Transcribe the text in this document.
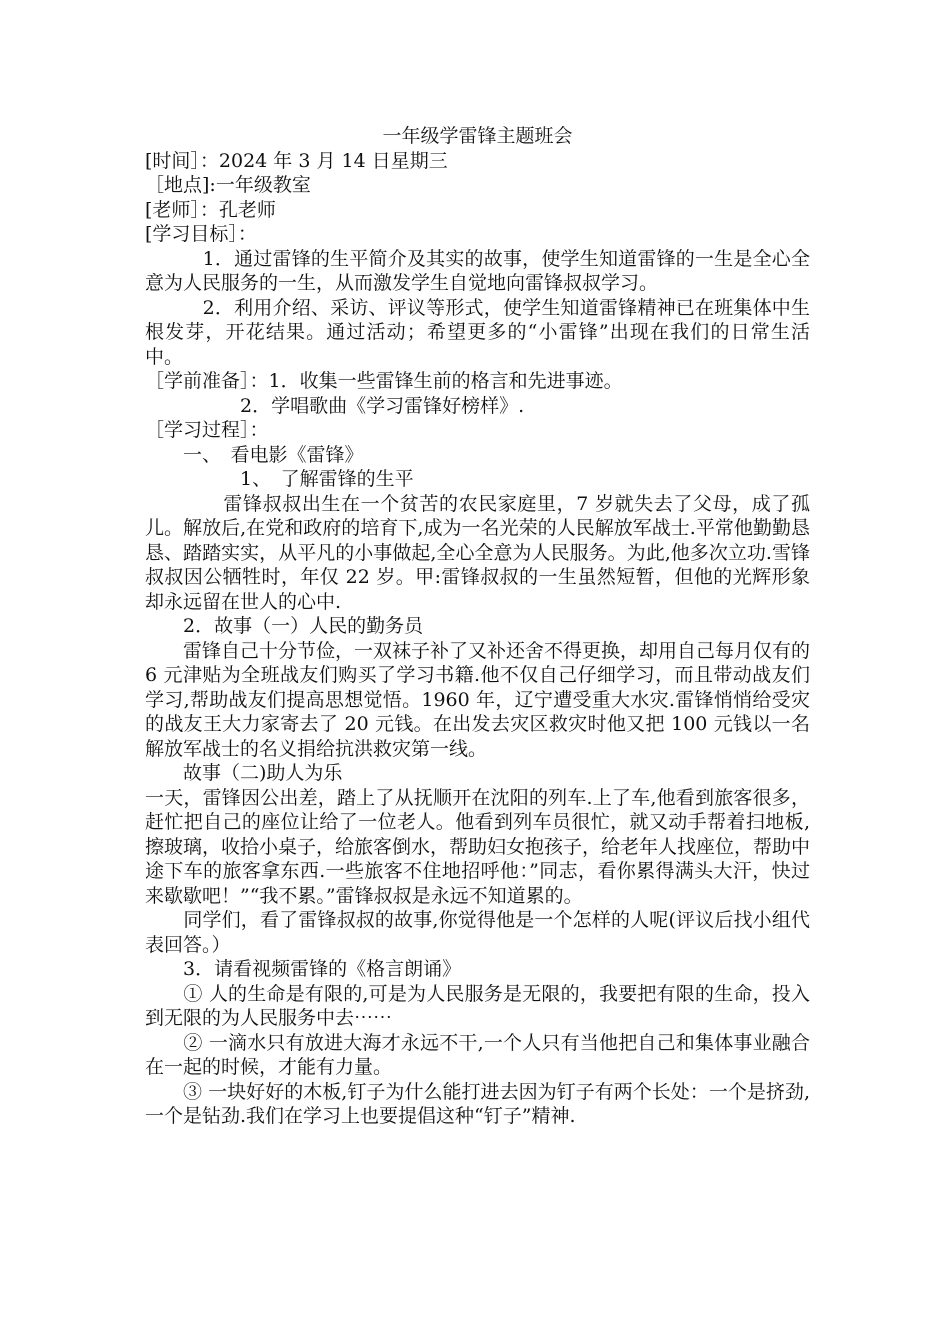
一年级学雷锋主题班会
[时间］：2024 年 3 月 14 日星期三
［地点]:一年级教室
[老师］：孔老师
[学习目标］：
　　　1．通过雷锋的生平简介及其实的故事，使学生知道雷锋的一生是全心全意为人民服务的一生，从而激发学生自觉地向雷锋叔叔学习。
　　　2．利用介绍、采访、评议等形式，使学生知道雷锋精神已在班集体中生根发芽，开花结果。通过活动；希望更多的“小雷锋”出现在我们的日常生活中。
［学前准备］：1．收集一些雷锋生前的格言和先进事迹。
　　　　　2．学唱歌曲《学习雷锋好榜样》.
［学习过程］：
　　一、　看电影《雷锋》
　　　　　1、　了解雷锋的生平
　　　　雷锋叔叔出生在一个贫苦的农民家庭里，7 岁就失去了父母，成了孤儿。解放后,在党和政府的培育下,成为一名光荣的人民解放军战士.平常他勤勤恳恳、踏踏实实，从平凡的小事做起,全心全意为人民服务。为此,他多次立功.雪锋叔叔因公牺牲时，年仅 22 岁。甲:雷锋叔叔的一生虽然短暂，但他的光辉形象却永远留在世人的心中.
　　2．故事（一）人民的勤务员
　　雷锋自己十分节俭，一双袜子补了又补还舍不得更换，却用自己每月仅有的 6 元津贴为全班战友们购买了学习书籍.他不仅自己仔细学习，而且带动战友们学习,帮助战友们提高思想觉悟。1960 年，辽宁遭受重大水灾.雷锋悄悄给受灾的战友王大力家寄去了 20 元钱。在出发去灾区救灾时他又把 100 元钱以一名解放军战士的名义捐给抗洪救灾第一线。
　　故事（二)助人为乐
一天，雷锋因公出差，踏上了从抚顺开在沈阳的列车.上了车,他看到旅客很多，赶忙把自己的座位让给了一位老人。他看到列车员很忙，就又动手帮着扫地板,擦玻璃，收拾小桌子，给旅客倒水，帮助妇女抱孩子，给老年人找座位，帮助中途下车的旅客拿东西.一些旅客不住地招呼他：”同志，看你累得满头大汗，快过来歇歇吧！”“我不累。”雷锋叔叔是永远不知道累的。
　　同学们，看了雷锋叔叔的故事,你觉得他是一个怎样的人呢(评议后找小组代表回答。）
　　3．请看视频雷锋的《格言朗诵》
　　① 人的生命是有限的,可是为人民服务是无限的，我要把有限的生命，投入到无限的为人民服务中去⋯⋯
　　② 一滴水只有放进大海才永远不干,一个人只有当他把自己和集体事业融合在一起的时候，才能有力量。
　　③ 一块好好的木板,钉子为什么能打进去因为钉子有两个长处：一个是挤劲,一个是钻劲.我们在学习上也要提倡这种“钉子”精神.
